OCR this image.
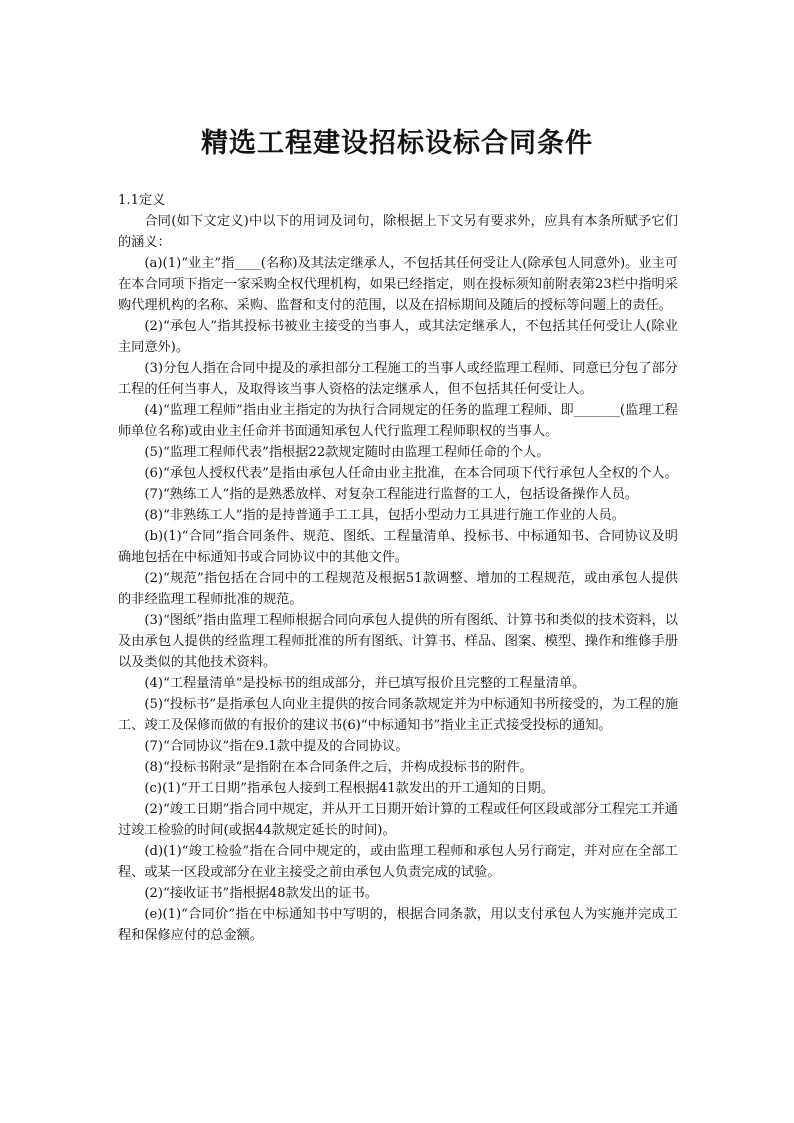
精选工程建设招标设标合同条件

1.1定义

合同(如下文定义)中以下的用词及词句，除根据上下文另有要求外，应具有本条所赋予它们的涵义：

(a)(1)“业主”指____(名称)及其法定继承人，不包括其任何受让人(除承包人同意外)。业主可在本合同项下指定一家采购全权代理机构，如果已经指定，则在投标须知前附表第23栏中指明采购代理机构的名称、采购、监督和支付的范围，以及在招标期间及随后的授标等问题上的责任。

(2)“承包人”指其投标书被业主接受的当事人，或其法定继承人，不包括其任何受让人(除业主同意外)。

(3)分包人指在合同中提及的承担部分工程施工的当事人或经监理工程师、同意已分包了部分工程的任何当事人，及取得该当事人资格的法定继承人，但不包括其任何受让人。

(4)“监理工程师”指由业主指定的为执行合同规定的任务的监理工程师、即_______(监理工程师单位名称)或由业主任命并书面通知承包人代行监理工程师职权的当事人。

(5)“监理工程师代表”指根据22款规定随时由监理工程师任命的个人。

(6)“承包人授权代表”是指由承包人任命由业主批准，在本合同项下代行承包人全权的个人。

(7)“熟练工人”指的是熟悉放样、对复杂工程能进行监督的工人，包括设备操作人员。

(8)“非熟练工人”指的是持普通手工工具，包括小型动力工具进行施工作业的人员。

(b)(1)“合同”指合同条件、规范、图纸、工程量清单、投标书、中标通知书、合同协议及明确地包括在中标通知书或合同协议中的其他文件。

(2)“规范”指包括在合同中的工程规范及根据51款调整、增加的工程规范，或由承包人提供的非经监理工程师批准的规范。

(3)“图纸”指由监理工程师根据合同向承包人提供的所有图纸、计算书和类似的技术资料，以及由承包人提供的经监理工程师批准的所有图纸、计算书、样品、图案、模型、操作和维修手册以及类似的其他技术资料。

(4)“工程量清单”是投标书的组成部分，并已填写报价且完整的工程量清单。

(5)“投标书”是指承包人向业主提供的按合同条款规定并为中标通知书所接受的，为工程的施工、竣工及保修而做的有报价的建议书(6)“中标通知书”指业主正式接受投标的通知。

(7)“合同协议”指在9.1款中提及的合同协议。

(8)“投标书附录”是指附在本合同条件之后，并构成投标书的附件。

(c)(1)“开工日期”指承包人接到工程根据41款发出的开工通知的日期。

(2)“竣工日期”指合同中规定，并从开工日期开始计算的工程或任何区段或部分工程完工并通过竣工检验的时间(或据44款规定延长的时间)。

(d)(1)“竣工检验”指在合同中规定的，或由监理工程师和承包人另行商定，并对应在全部工程、或某一区段或部分在业主接受之前由承包人负责完成的试验。

(2)“接收证书”指根据48款发出的证书。

(e)(1)“合同价”指在中标通知书中写明的，根据合同条款，用以支付承包人为实施并完成工程和保修应付的总金额。
